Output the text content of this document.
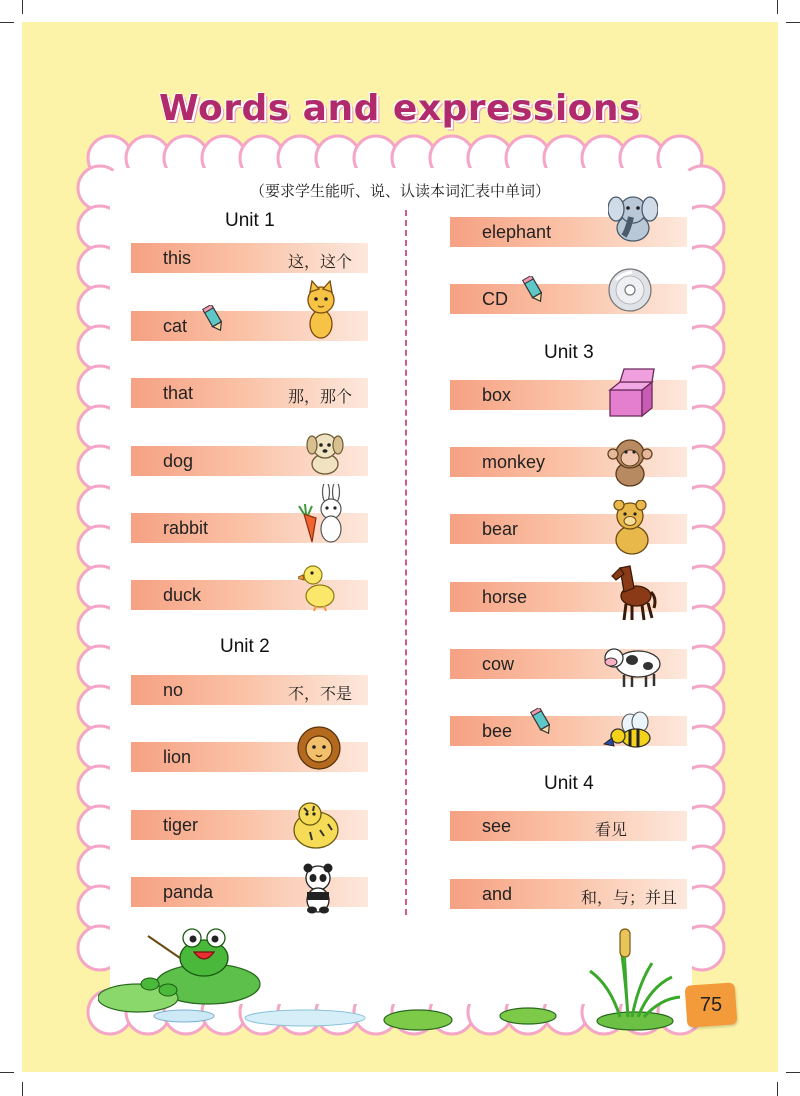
Words and expressions
（要求学生能听、说、认读本词汇表中单词）
Unit 1
Unit 2
Unit 3
Unit 4
this	这，这个
cat
that	那，那个
dog
rabbit
duck
no	不，不是
lion
tiger
panda
elephant
CD
box
monkey
bear
horse
cow
bee
see	看见
and	和，与；并且
75
